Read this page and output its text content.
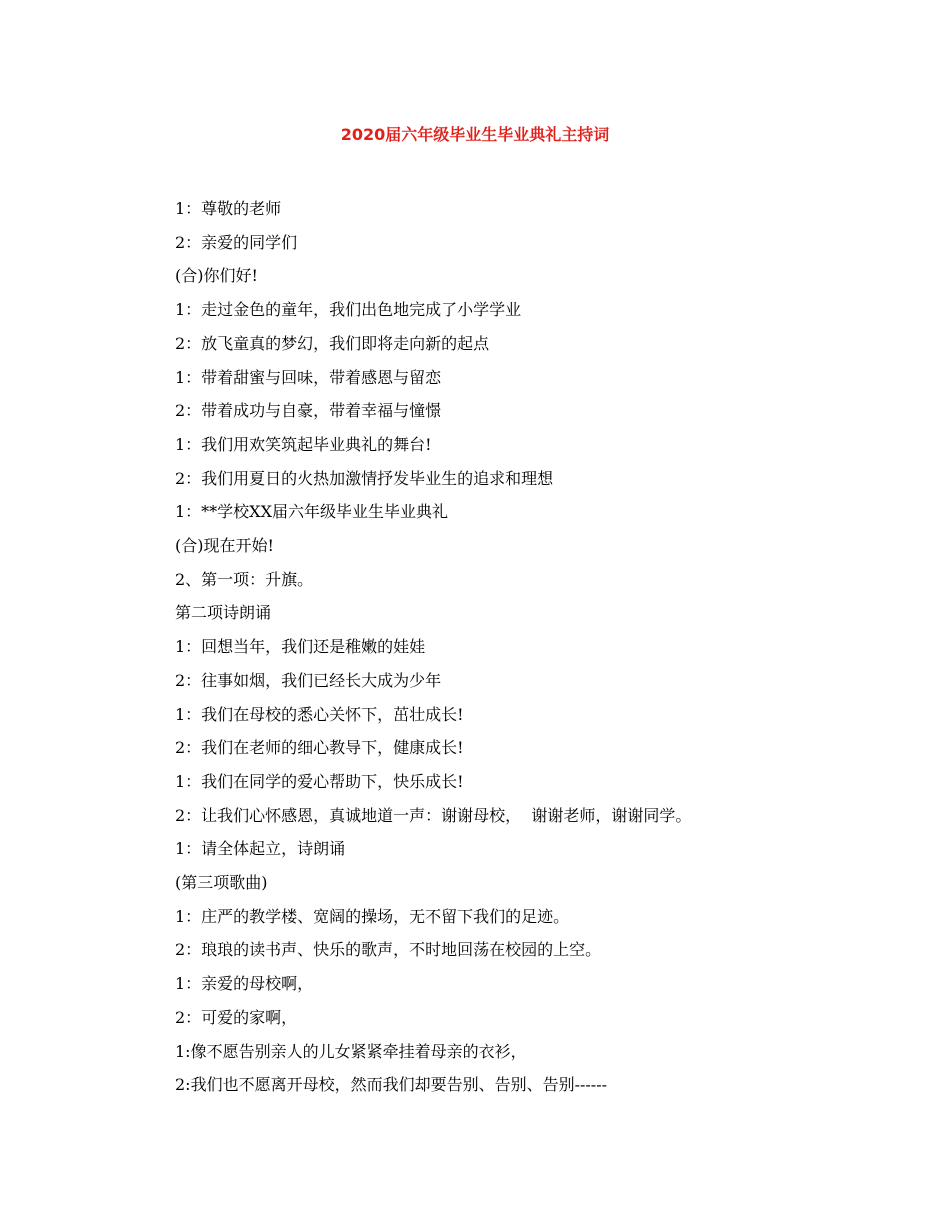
2020届六年级毕业生毕业典礼主持词
1：尊敬的老师
2：亲爱的同学们
(合)你们好!
1：走过金色的童年，我们出色地完成了小学学业
2：放飞童真的梦幻，我们即将走向新的起点
1：带着甜蜜与回味，带着感恩与留恋
2：带着成功与自豪，带着幸福与憧憬
1：我们用欢笑筑起毕业典礼的舞台!
2：我们用夏日的火热加激情抒发毕业生的追求和理想
1：**学校XX届六年级毕业生毕业典礼
(合)现在开始!
2、第一项：升旗。
第二项诗朗诵
1：回想当年，我们还是稚嫩的娃娃
2：往事如烟，我们已经长大成为少年
1：我们在母校的悉心关怀下，茁壮成长!
2：我们在老师的细心教导下，健康成长!
1：我们在同学的爱心帮助下，快乐成长!
2：让我们心怀感恩，真诚地道一声：谢谢母校，  谢谢老师，谢谢同学。
1：请全体起立，诗朗诵
(第三项歌曲)
1：庄严的教学楼、宽阔的操场，无不留下我们的足迹。
2：琅琅的读书声、快乐的歌声，不时地回荡在校园的上空。
1：亲爱的母校啊，
2：可爱的家啊，
1:像不愿告别亲人的儿女紧紧牵挂着母亲的衣衫，
2:我们也不愿离开母校，然而我们却要告别、告别、告别------
